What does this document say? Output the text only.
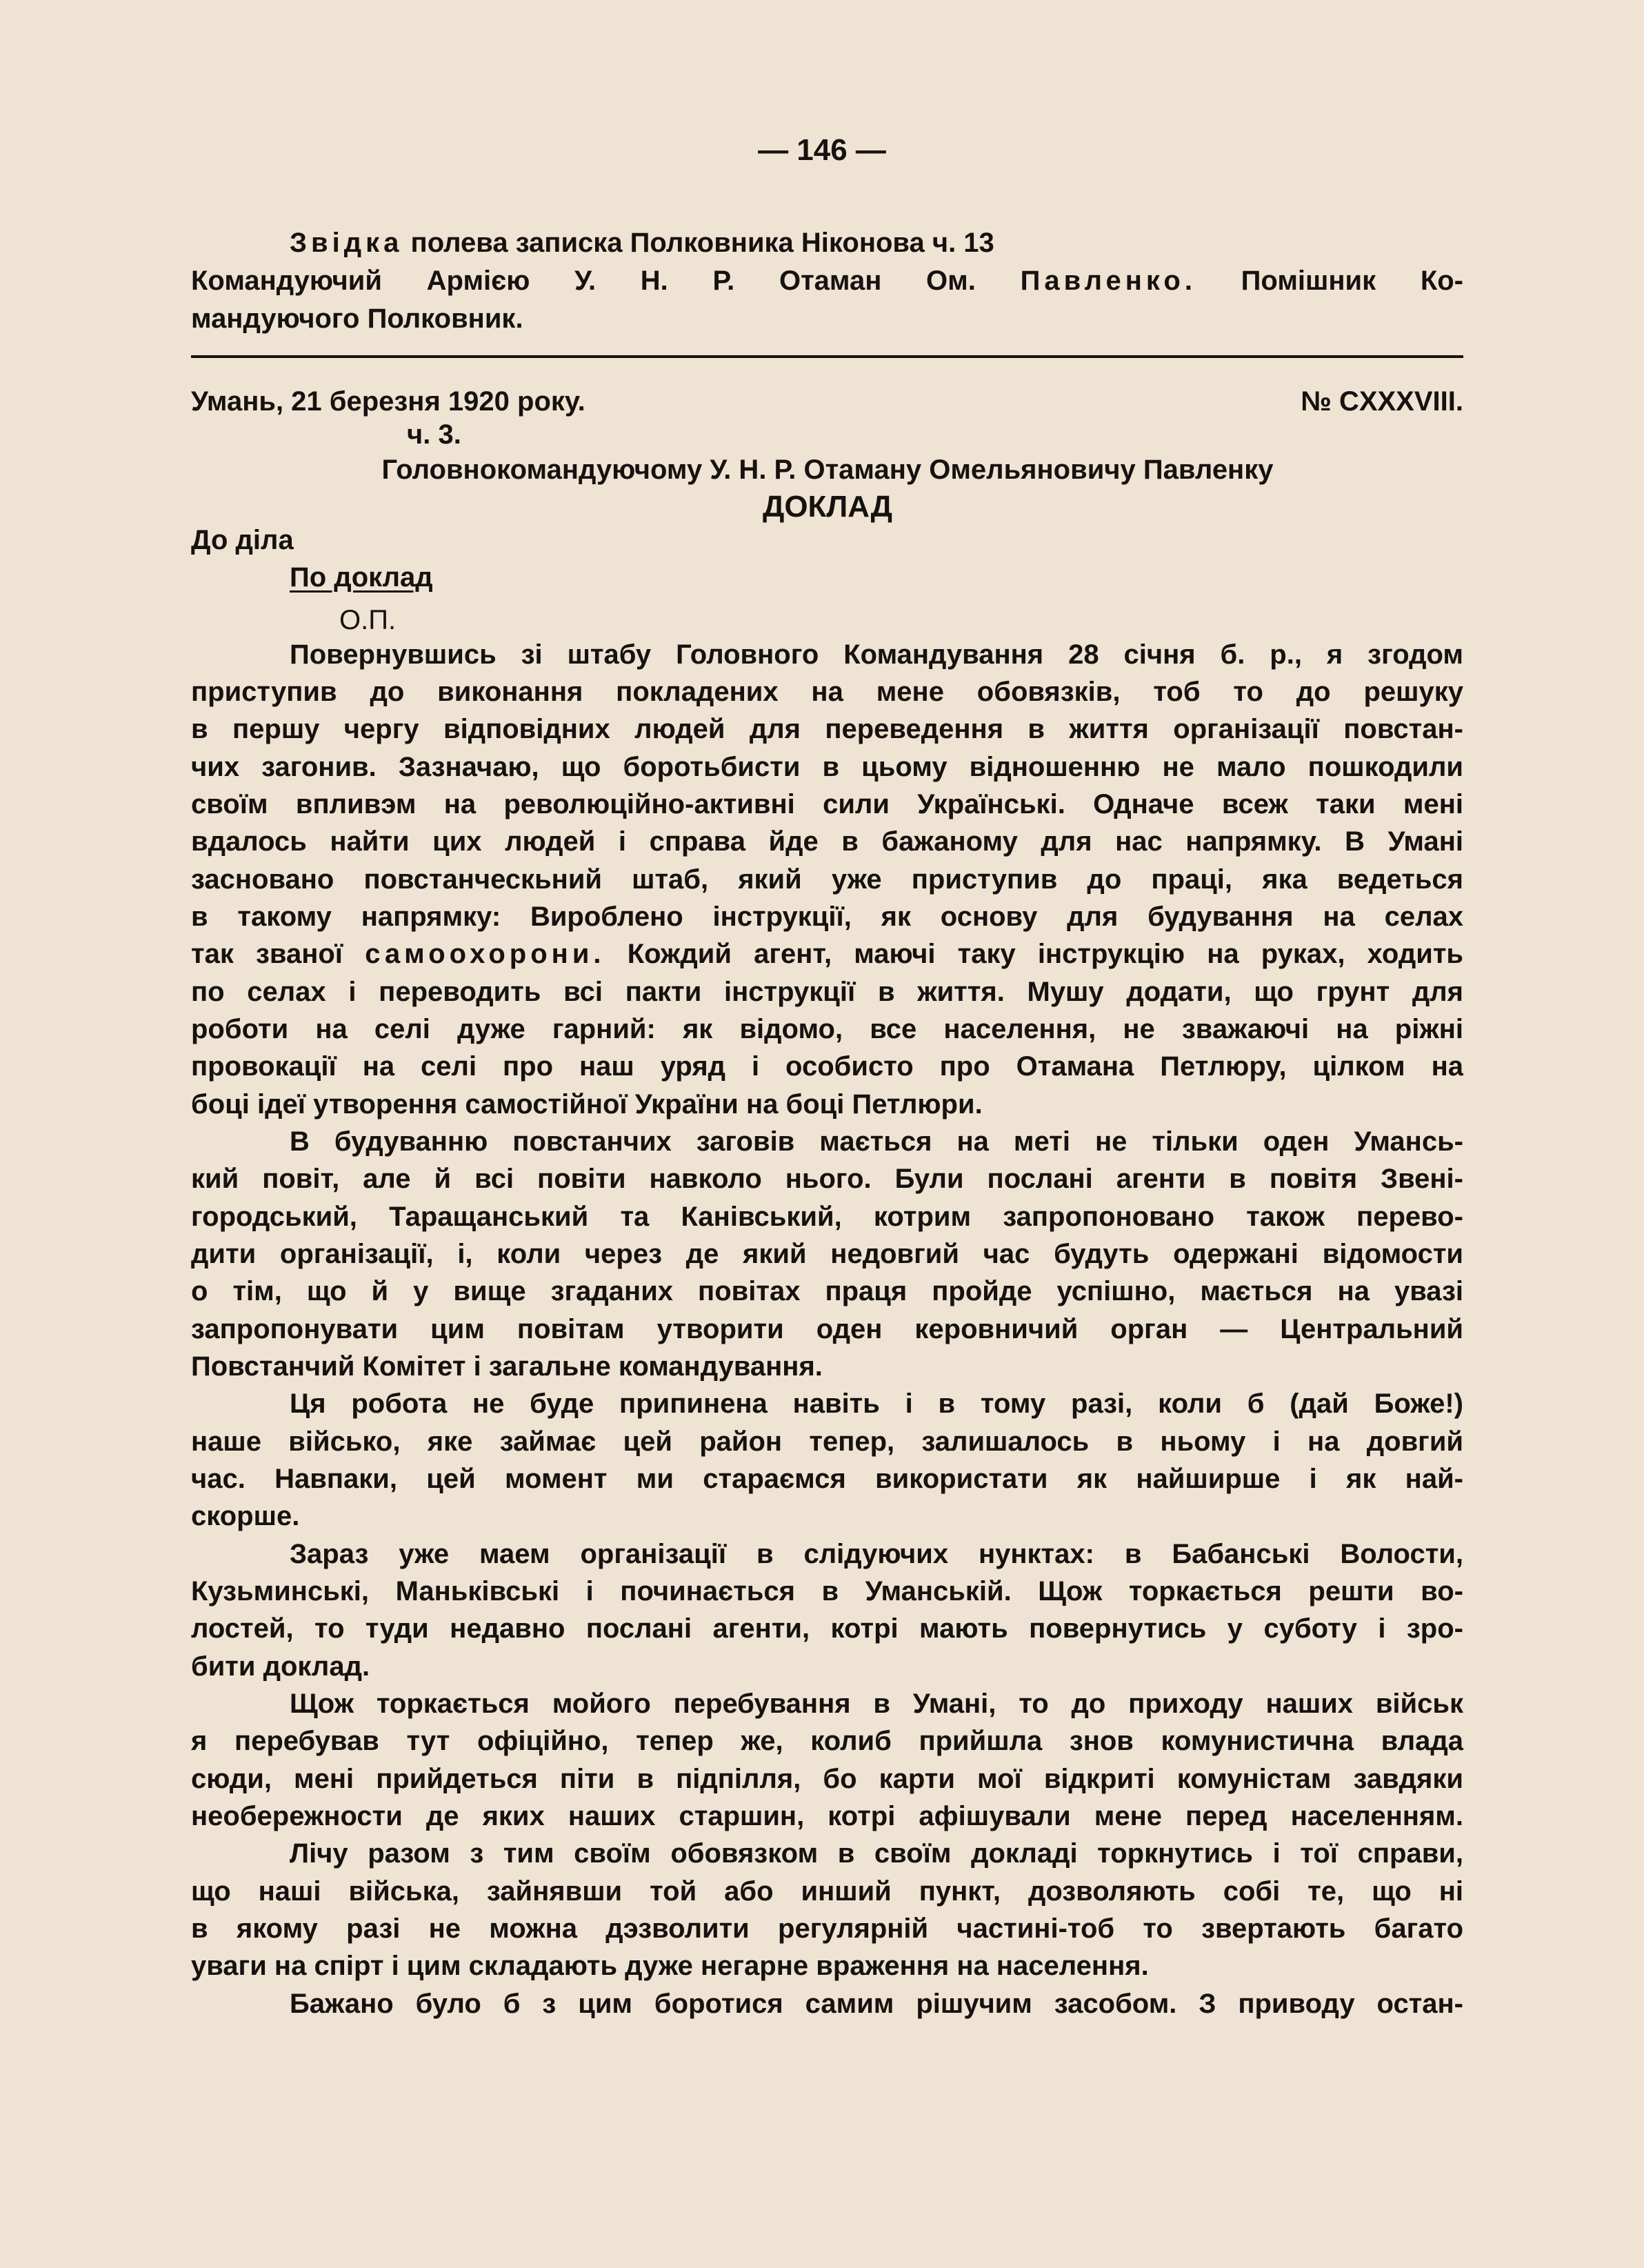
— 146 —
Звідка полева записка Полковника Ніконова ч. 13
Командуючий Армією У. Н. Р. Отаман Ом. Павленко. Помішник Ко-
мандуючого Полковник.
Умань, 21 березня 1920 року.	№ CXXXVIII.
ч. 3.
Головнокомандуючому У. Н. Р. Отаману Омельяновичу Павленку
ДОКЛАД
До діла
По доклад
О.П.
Повернувшись зі штабу Головного Командування 28 січня б. р., я згодом
приступив до виконання покладених на мене обовязків, тоб то до решуку
в першу чергу відповідних людей для переведення в життя організації повстан-
чих загонив. Зазначаю, що боротьбисти в цьому відношенню не мало пошкодили
своїм впливэм на революційно-активні сили Українські. Одначе всеж таки мені
вдалось найти цих людей і справа йде в бажаному для нас напрямку. В Умані
засновано повстанческьний штаб, який уже приступив до праці, яка ведеться
в такому напрямку: Вироблено інструкції, як основу для будування на селах
так званої самоохорони. Кождий агент, маючі таку інструкцію на руках, ходить
по селах і переводить всі пакти інструкції в життя. Мушу додати, що грунт для
роботи на селі дуже гарний: як відомо, все населення, не зважаючі на ріжні
провокації на селі про наш уряд і особисто про Отамана Петлюру, цілком на
боці ідеї утворення самостійної України на боці Петлюри.
В будуванню повстанчих заговів мається на меті не тільки оден Умансь-
кий повіт, але й всі повіти навколо нього. Були послані агенти в повітя Звені-
городський, Таращанський та Канівський, котрим запропоновано також перево-
дити організації, і, коли через де який недовгий час будуть одержані відомости
о тім, що й у вище згаданих повітах праця пройде успішно, мається на увазі
запропонувати цим повітам утворити оден керовничий орган — Центральний
Повстанчий Комітет і загальне командування.
Ця робота не буде припинена навіть і в тому разі, коли б (дай Боже!)
наше військо, яке займає цей район тепер, залишалось в ньому і на довгий
час. Навпаки, цей момент ми стараємся використати як найширше і як най-
скорше.
Зараз уже маем організації в слідуючих нунктах: в Бабанські Волости,
Кузьминські, Маньківські і починається в Уманській. Щож торкається решти во-
лостей, то туди недавно послані агенти, котрі мають повернутись у суботу і зро-
бити доклад.
Щож торкається мойого перебування в Умані, то до приходу наших військ
я перебував тут офіційно, тепер же, колиб прийшла знов комунистична влада
сюди, мені прийдеться піти в підпілля, бо карти мої відкриті комуністам завдяки
необережности де яких наших старшин, котрі афішували мене перед населенням.
Лічу разом з тим своїм обовязком в своїм докладі торкнутись і тої справи,
що наші війська, зайнявши той або инший пункт, дозволяють собі те, що ні
в якому разі не можна дэзволити регулярній частині-тоб то звертають багато
уваги на спірт і цим складають дуже негарне враження на населення.
Бажано було б з цим боротися самим рішучим засобом. З приводу остан-
